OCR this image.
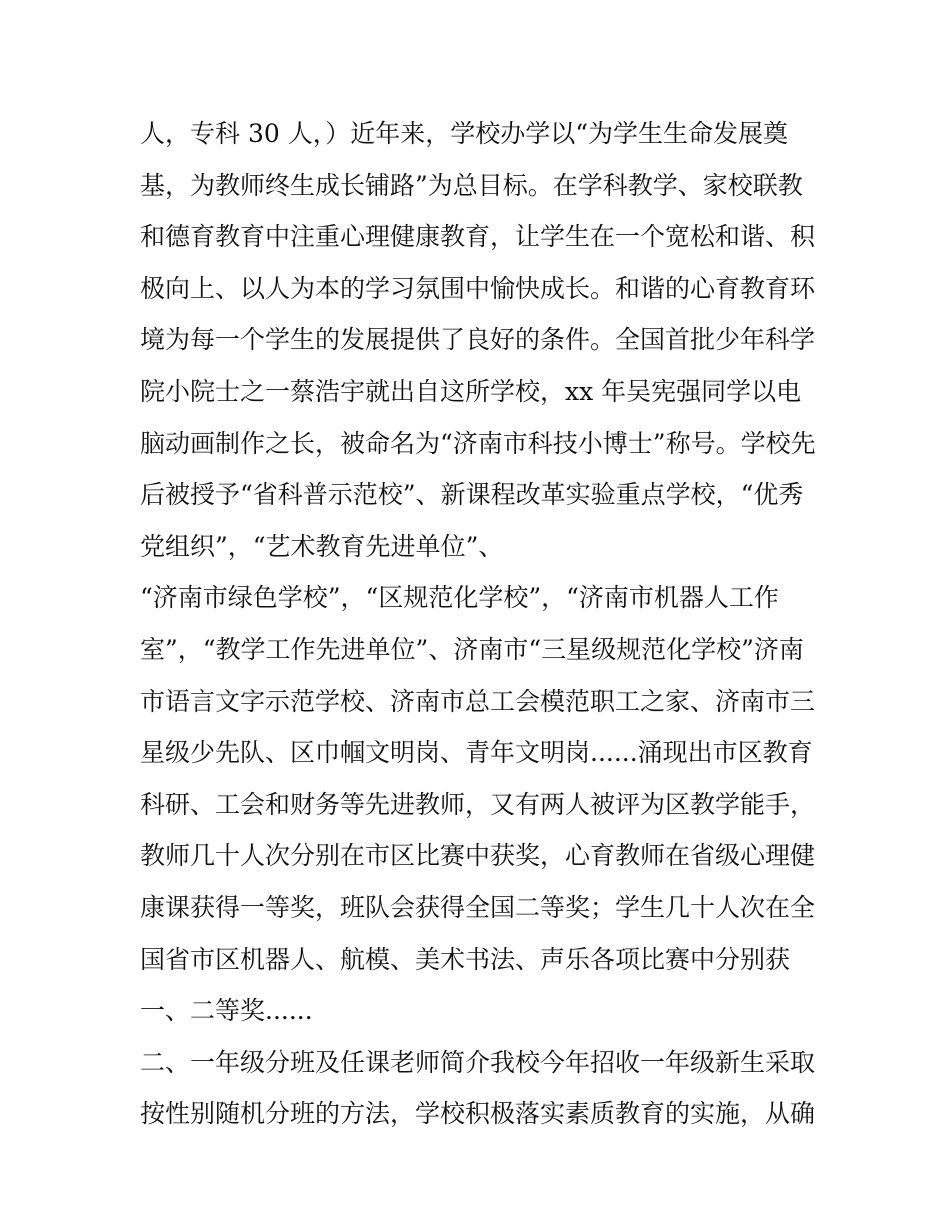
人，专科 30 人，）近年来，学校办学以“为学生生命发展奠
基，为教师终生成长铺路”为总目标。在学科教学、家校联教
和德育教育中注重心理健康教育，让学生在一个宽松和谐、积
极向上、以人为本的学习氛围中愉快成长。和谐的心育教育环
境为每一个学生的发展提供了良好的条件。全国首批少年科学
院小院士之一蔡浩宇就出自这所学校，xx 年吴宪强同学以电
脑动画制作之长，被命名为“济南市科技小博士”称号。学校先
后被授予“省科普示范校”、新课程改革实验重点学校，“优秀
党组织”，“艺术教育先进单位”、
“济南市绿色学校”，“区规范化学校”，“济南市机器人工作
室”，“教学工作先进单位”、济南市“三星级规范化学校”济南
市语言文字示范学校、济南市总工会模范职工之家、济南市三
星级少先队、区巾帼文明岗、青年文明岗......涌现出市区教育
科研、工会和财务等先进教师，又有两人被评为区教学能手，
教师几十人次分别在市区比赛中获奖，心育教师在省级心理健
康课获得一等奖，班队会获得全国二等奖；学生几十人次在全
国省市区机器人、航模、美术书法、声乐各项比赛中分别获
一、二等奖......
二、一年级分班及任课老师简介我校今年招收一年级新生采取
按性别随机分班的方法，学校积极落实素质教育的实施，从确
